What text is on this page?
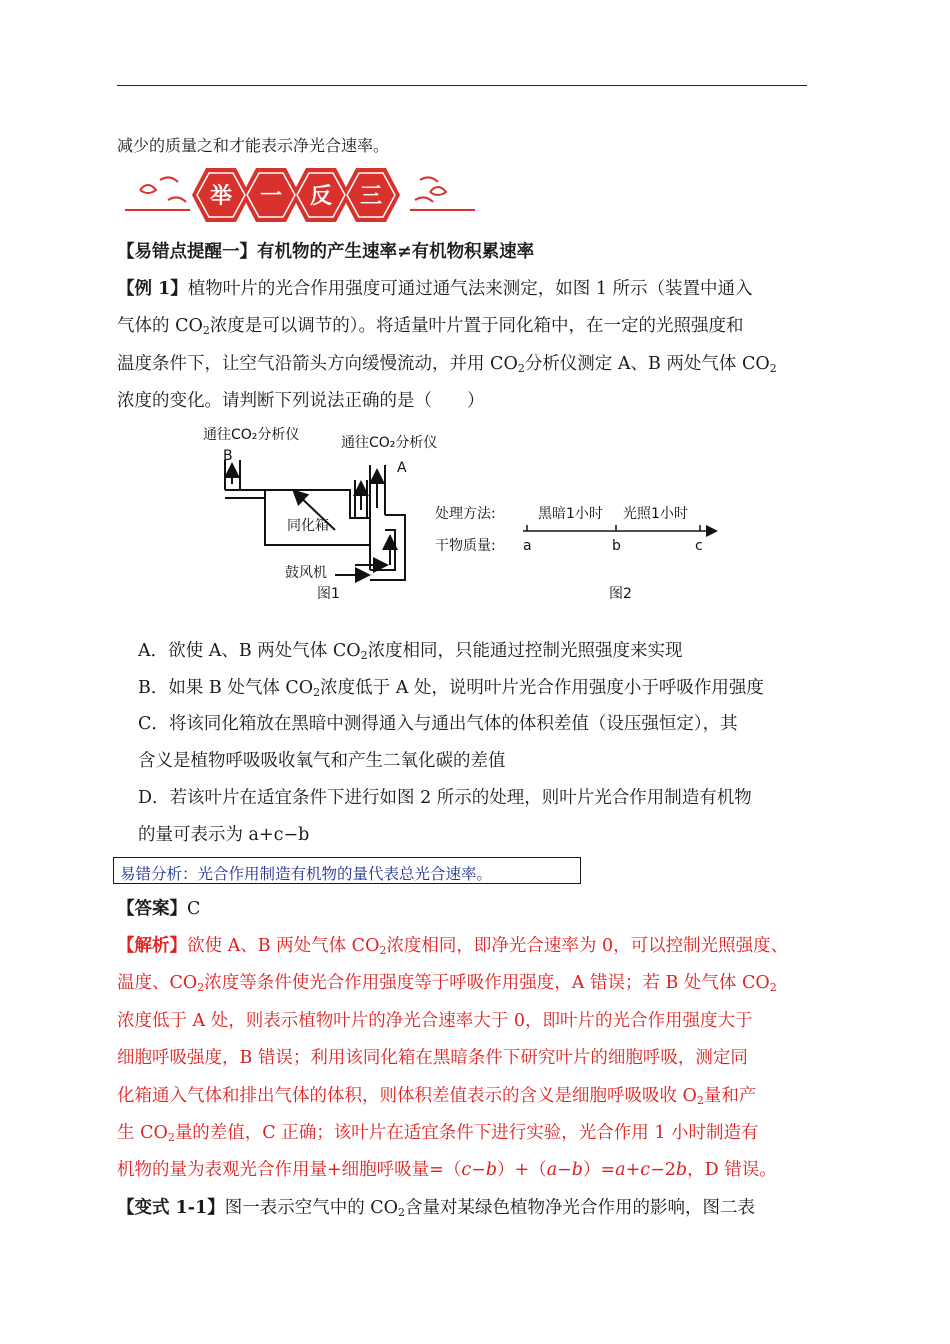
减少的质量之和才能表示净光合速率。
举 一 反 三
【易错点提醒一】有机物的产生速率≠有机物积累速率
【例 1】植物叶片的光合作用强度可通过通气法来测定，如图 1 所示（装置中通入
气体的 $CO_2$浓度是可以调节的）。将适量叶片置于同化箱中，在一定的光照强度和
温度条件下，让空气沿箭头方向缓慢流动，并用 $CO_2$分析仪测定 A、B 两处气体 $CO_2$
浓度的变化。请判断下列说法正确的是（　　）
通往CO₂分析仪	通往CO₂分析仪
B
A
同化箱
鼓风机
图1
处理方法:	黑暗1小时 光照1小时
干物质量: a	b	c
图2
A．欲使 A、B 两处气体 $CO_2$浓度相同，只能通过控制光照强度来实现
B．如果 B 处气体 $CO_2$浓度低于 A 处，说明叶片光合作用强度小于呼吸作用强度
C．将该同化箱放在黑暗中测得通入与通出气体的体积差值（设压强恒定），其
含义是植物呼吸吸收氧气和产生二氧化碳的差值
D．若该叶片在适宜条件下进行如图 2 所示的处理，则叶片光合作用制造有机物
的量可表示为 a+c−b
易错分析：光合作用制造有机物的量代表总光合速率。
【答案】C
【解析】欲使 A、B 两处气体 $CO_2$浓度相同，即净光合速率为 0，可以控制光照强度、
温度、$CO_2$浓度等条件使光合作用强度等于呼吸作用强度，A 错误；若 B 处气体 $CO_2$
浓度低于 A 处，则表示植物叶片的净光合速率大于 0，即叶片的光合作用强度大于
细胞呼吸强度，B 错误；利用该同化箱在黑暗条件下研究叶片的细胞呼吸，测定同
化箱通入气体和排出气体的体积，则体积差值表示的含义是细胞呼吸吸收 $O_2$量和产
生 $CO_2$量的差值，C 正确；该叶片在适宜条件下进行实验，光合作用 1 小时制造有
机物的量为表观光合作用量+细胞呼吸量=（c−b）+（a−b）=a+c−2b，D 错误。
【变式 1-1】图一表示空气中的 $CO_2$含量对某绿色植物净光合作用的影响，图二表
